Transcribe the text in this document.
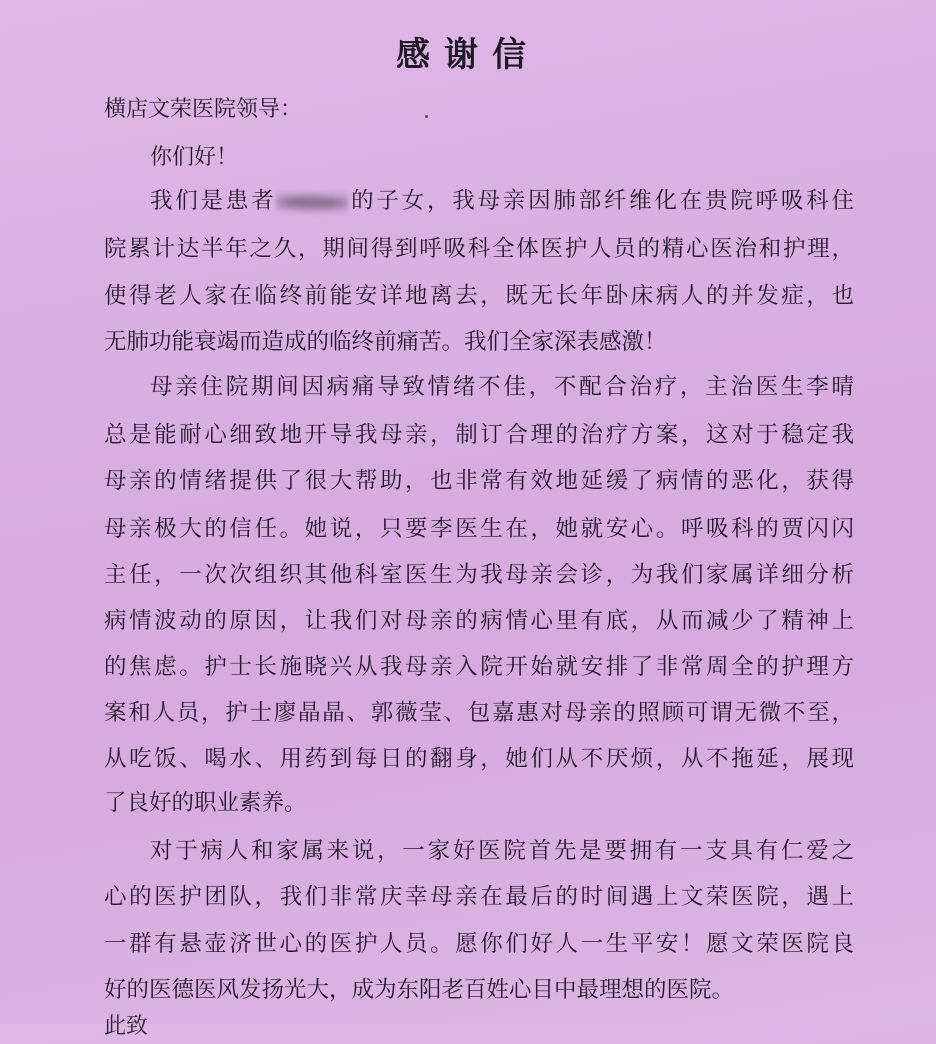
感谢信
横店文荣医院领导：
你们好！
我们是患者	的子女，我母亲因肺部纤维化在贵院呼吸科住
院累计达半年之久，期间得到呼吸科全体医护人员的精心医治和护理，
使得老人家在临终前能安详地离去，既无长年卧床病人的并发症，也
无肺功能衰竭而造成的临终前痛苦。我们全家深表感激！
母亲住院期间因病痛导致情绪不佳，不配合治疗，主治医生李晴
总是能耐心细致地开导我母亲，制订合理的治疗方案，这对于稳定我
母亲的情绪提供了很大帮助，也非常有效地延缓了病情的恶化，获得
母亲极大的信任。她说，只要李医生在，她就安心。呼吸科的贾闪闪
主任，一次次组织其他科室医生为我母亲会诊，为我们家属详细分析
病情波动的原因，让我们对母亲的病情心里有底，从而减少了精神上
的焦虑。护士长施晓兴从我母亲入院开始就安排了非常周全的护理方
案和人员，护士廖晶晶、郭薇莹、包嘉惠对母亲的照顾可谓无微不至，
从吃饭、喝水、用药到每日的翻身，她们从不厌烦，从不拖延，展现
了良好的职业素养。
对于病人和家属来说，一家好医院首先是要拥有一支具有仁爱之
心的医护团队，我们非常庆幸母亲在最后的时间遇上文荣医院，遇上
一群有悬壶济世心的医护人员。愿你们好人一生平安！愿文荣医院良
好的医德医风发扬光大，成为东阳老百姓心目中最理想的医院。
此致
